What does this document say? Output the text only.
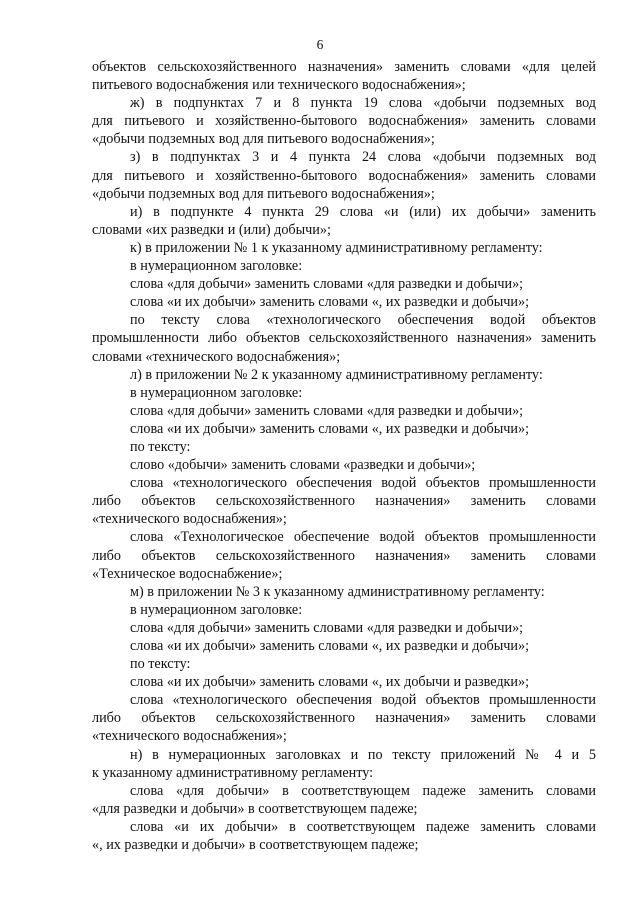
6
объектов сельскохозяйственного назначения» заменить словами «для целей
питьевого водоснабжения или технического водоснабжения»;
ж) в подпунктах 7 и 8 пункта 19 слова «добычи подземных вод
для питьевого и хозяйственно-бытового водоснабжения» заменить словами
«добычи подземных вод для питьевого водоснабжения»;
з) в подпунктах 3 и 4 пункта 24 слова «добычи подземных вод
для питьевого и хозяйственно-бытового водоснабжения» заменить словами
«добычи подземных вод для питьевого водоснабжения»;
и) в подпункте 4 пункта 29 слова «и (или) их добычи» заменить
словами «их разведки и (или) добычи»;
к) в приложении № 1 к указанному административному регламенту:
в нумерационном заголовке:
слова «для добычи» заменить словами «для разведки и добычи»;
слова «и их добычи» заменить словами «, их разведки и добычи»;
по тексту слова «технологического обеспечения водой объектов
промышленности либо объектов сельскохозяйственного назначения» заменить
словами «технического водоснабжения»;
л) в приложении № 2 к указанному административному регламенту:
в нумерационном заголовке:
слова «для добычи» заменить словами «для разведки и добычи»;
слова «и их добычи» заменить словами «, их разведки и добычи»;
по тексту:
слово «добычи» заменить словами «разведки и добычи»;
слова «технологического обеспечения водой объектов промышленности
либо объектов сельскохозяйственного назначения» заменить словами
«технического водоснабжения»;
слова «Технологическое обеспечение водой объектов промышленности
либо объектов сельскохозяйственного назначения» заменить словами
«Техническое водоснабжение»;
м) в приложении № 3 к указанному административному регламенту:
в нумерационном заголовке:
слова «для добычи» заменить словами «для разведки и добычи»;
слова «и их добычи» заменить словами «, их разведки и добычи»;
по тексту:
слова «и их добычи» заменить словами «, их добычи и разведки»;
слова «технологического обеспечения водой объектов промышленности
либо объектов сельскохозяйственного назначения» заменить словами
«технического водоснабжения»;
н) в нумерационных заголовках и по тексту приложений № 4 и 5
к указанному административному регламенту:
слова «для добычи» в соответствующем падеже заменить словами
«для разведки и добычи» в соответствующем падеже;
слова «и их добычи» в соответствующем падеже заменить словами
«, их разведки и добычи» в соответствующем падеже;
